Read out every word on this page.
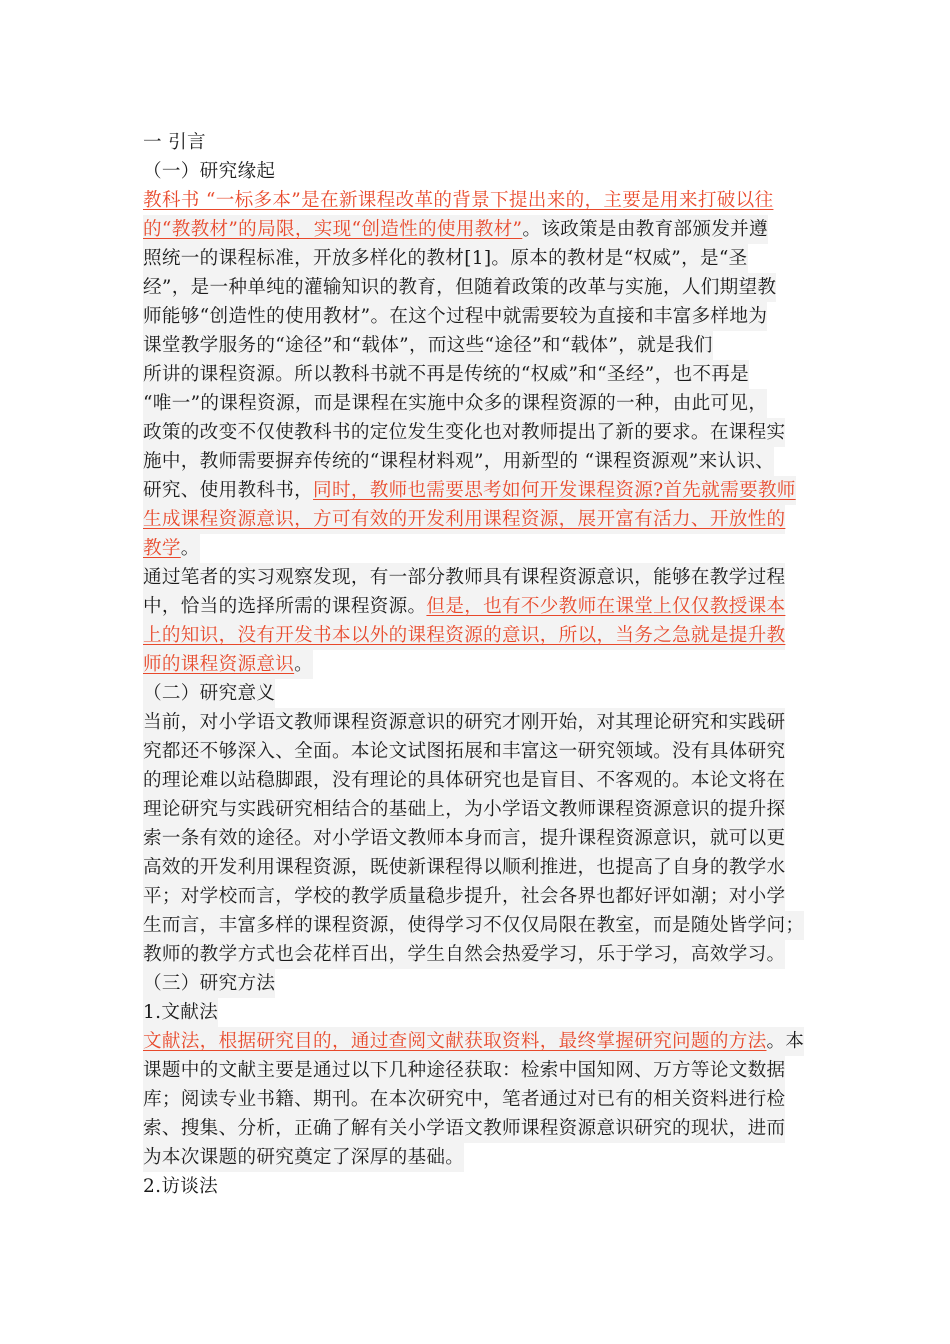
一 引言
（一）研究缘起
教科书 “一标多本”是在新课程改革的背景下提出来的，主要是用来打破以往
的“教教材”的局限，实现“创造性的使用教材”。该政策是由教育部颁发并遵
照统一的课程标准，开放多样化的教材[1]。原本的教材是“权威”，是“圣
经”，是一种单纯的灌输知识的教育，但随着政策的改革与实施，人们期望教
师能够“创造性的使用教材”。在这个过程中就需要较为直接和丰富多样地为
课堂教学服务的“途径”和“载体”，而这些“途径”和“载体”，就是我们
所讲的课程资源。所以教科书就不再是传统的“权威”和“圣经”，也不再是
“唯一”的课程资源，而是课程在实施中众多的课程资源的一种，由此可见，
政策的改变不仅使教科书的定位发生变化也对教师提出了新的要求。在课程实
施中，教师需要摒弃传统的“课程材料观”，用新型的 “课程资源观”来认识、
研究、使用教科书，同时，教师也需要思考如何开发课程资源?首先就需要教师
生成课程资源意识，方可有效的开发利用课程资源，展开富有活力、开放性的
教学。
通过笔者的实习观察发现，有一部分教师具有课程资源意识，能够在教学过程
中，恰当的选择所需的课程资源。但是，也有不少教师在课堂上仅仅教授课本
上的知识，没有开发书本以外的课程资源的意识，所以，当务之急就是提升教
师的课程资源意识。
（二）研究意义
当前，对小学语文教师课程资源意识的研究才刚开始，对其理论研究和实践研
究都还不够深入、全面。本论文试图拓展和丰富这一研究领域。没有具体研究
的理论难以站稳脚跟，没有理论的具体研究也是盲目、不客观的。本论文将在
理论研究与实践研究相结合的基础上，为小学语文教师课程资源意识的提升探
索一条有效的途径。对小学语文教师本身而言，提升课程资源意识，就可以更
高效的开发利用课程资源，既使新课程得以顺利推进，也提高了自身的教学水
平；对学校而言，学校的教学质量稳步提升，社会各界也都好评如潮；对小学
生而言，丰富多样的课程资源，使得学习不仅仅局限在教室，而是随处皆学问；
教师的教学方式也会花样百出，学生自然会热爱学习，乐于学习，高效学习。
（三）研究方法
1.文献法
文献法，根据研究目的，通过查阅文献获取资料，最终掌握研究问题的方法。本
课题中的文献主要是通过以下几种途径获取：检索中国知网、万方等论文数据
库；阅读专业书籍、期刊。在本次研究中，笔者通过对已有的相关资料进行检
索、搜集、分析，正确了解有关小学语文教师课程资源意识研究的现状，进而
为本次课题的研究奠定了深厚的基础。
2.访谈法
